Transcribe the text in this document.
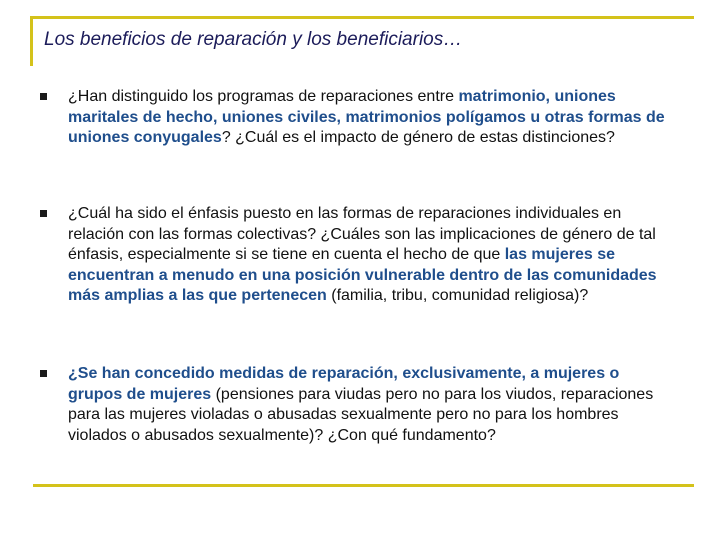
Los beneficios de reparación y los beneficiarios…

¿Han distinguido los programas de reparaciones entre matrimonio, uniones maritales de hecho, uniones civiles, matrimonios polígamos u otras formas de uniones conyugales? ¿Cuál es el impacto de género de estas distinciones?

¿Cuál ha sido el énfasis puesto en las formas de reparaciones individuales en relación con las formas colectivas? ¿Cuáles son las implicaciones de género de tal énfasis, especialmente si se tiene en cuenta el hecho de que las mujeres se encuentran a menudo en una posición vulnerable dentro de las comunidades más amplias a las que pertenecen (familia, tribu, comunidad religiosa)?

¿Se han concedido medidas de reparación, exclusivamente, a mujeres o grupos de mujeres (pensiones para viudas pero no para los viudos, reparaciones para las mujeres violadas o abusadas sexualmente pero no para los hombres violados o abusados sexualmente)? ¿Con qué fundamento?
